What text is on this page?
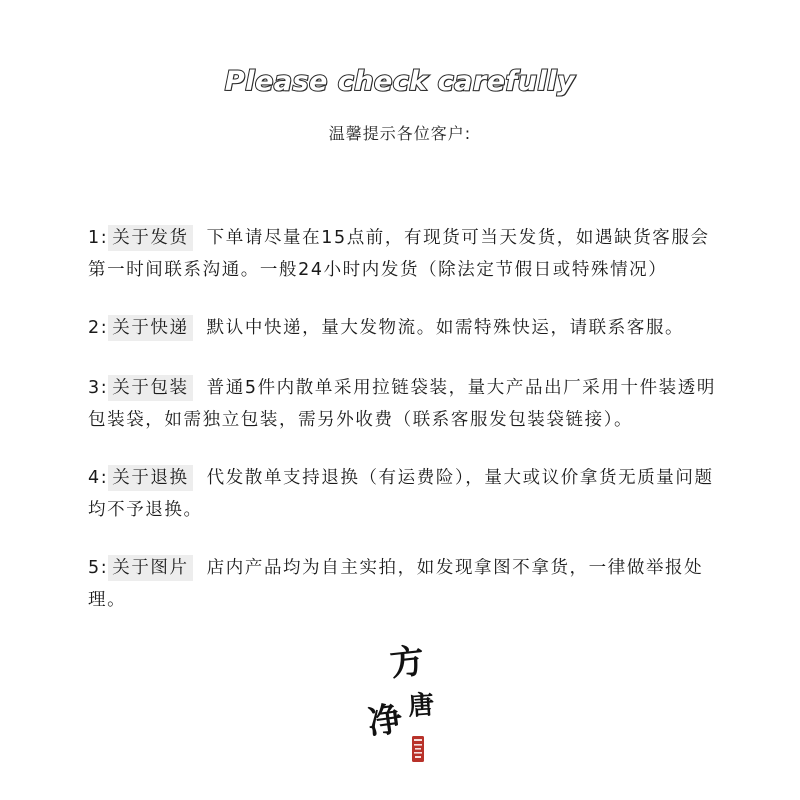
Please check carefully
温馨提示各位客户:
1: 关于发货 下单请尽量在15点前，有现货可当天发货，如遇缺货客服会第一时间联系沟通。一般24小时内发货（除法定节假日或特殊情况）
2: 关于快递 默认中快递，量大发物流。如需特殊快运，请联系客服。
3: 关于包装 普通5件内散单采用拉链袋装，量大产品出厂采用十件装透明包装袋，如需独立包装，需另外收费（联系客服发包装袋链接）。
4: 关于退换 代发散单支持退换（有运费险），量大或议价拿货无质量问题均不予退换。
5: 关于图片 店内产品均为自主实拍，如发现拿图不拿货，一律做举报处理。
方
唐
净
